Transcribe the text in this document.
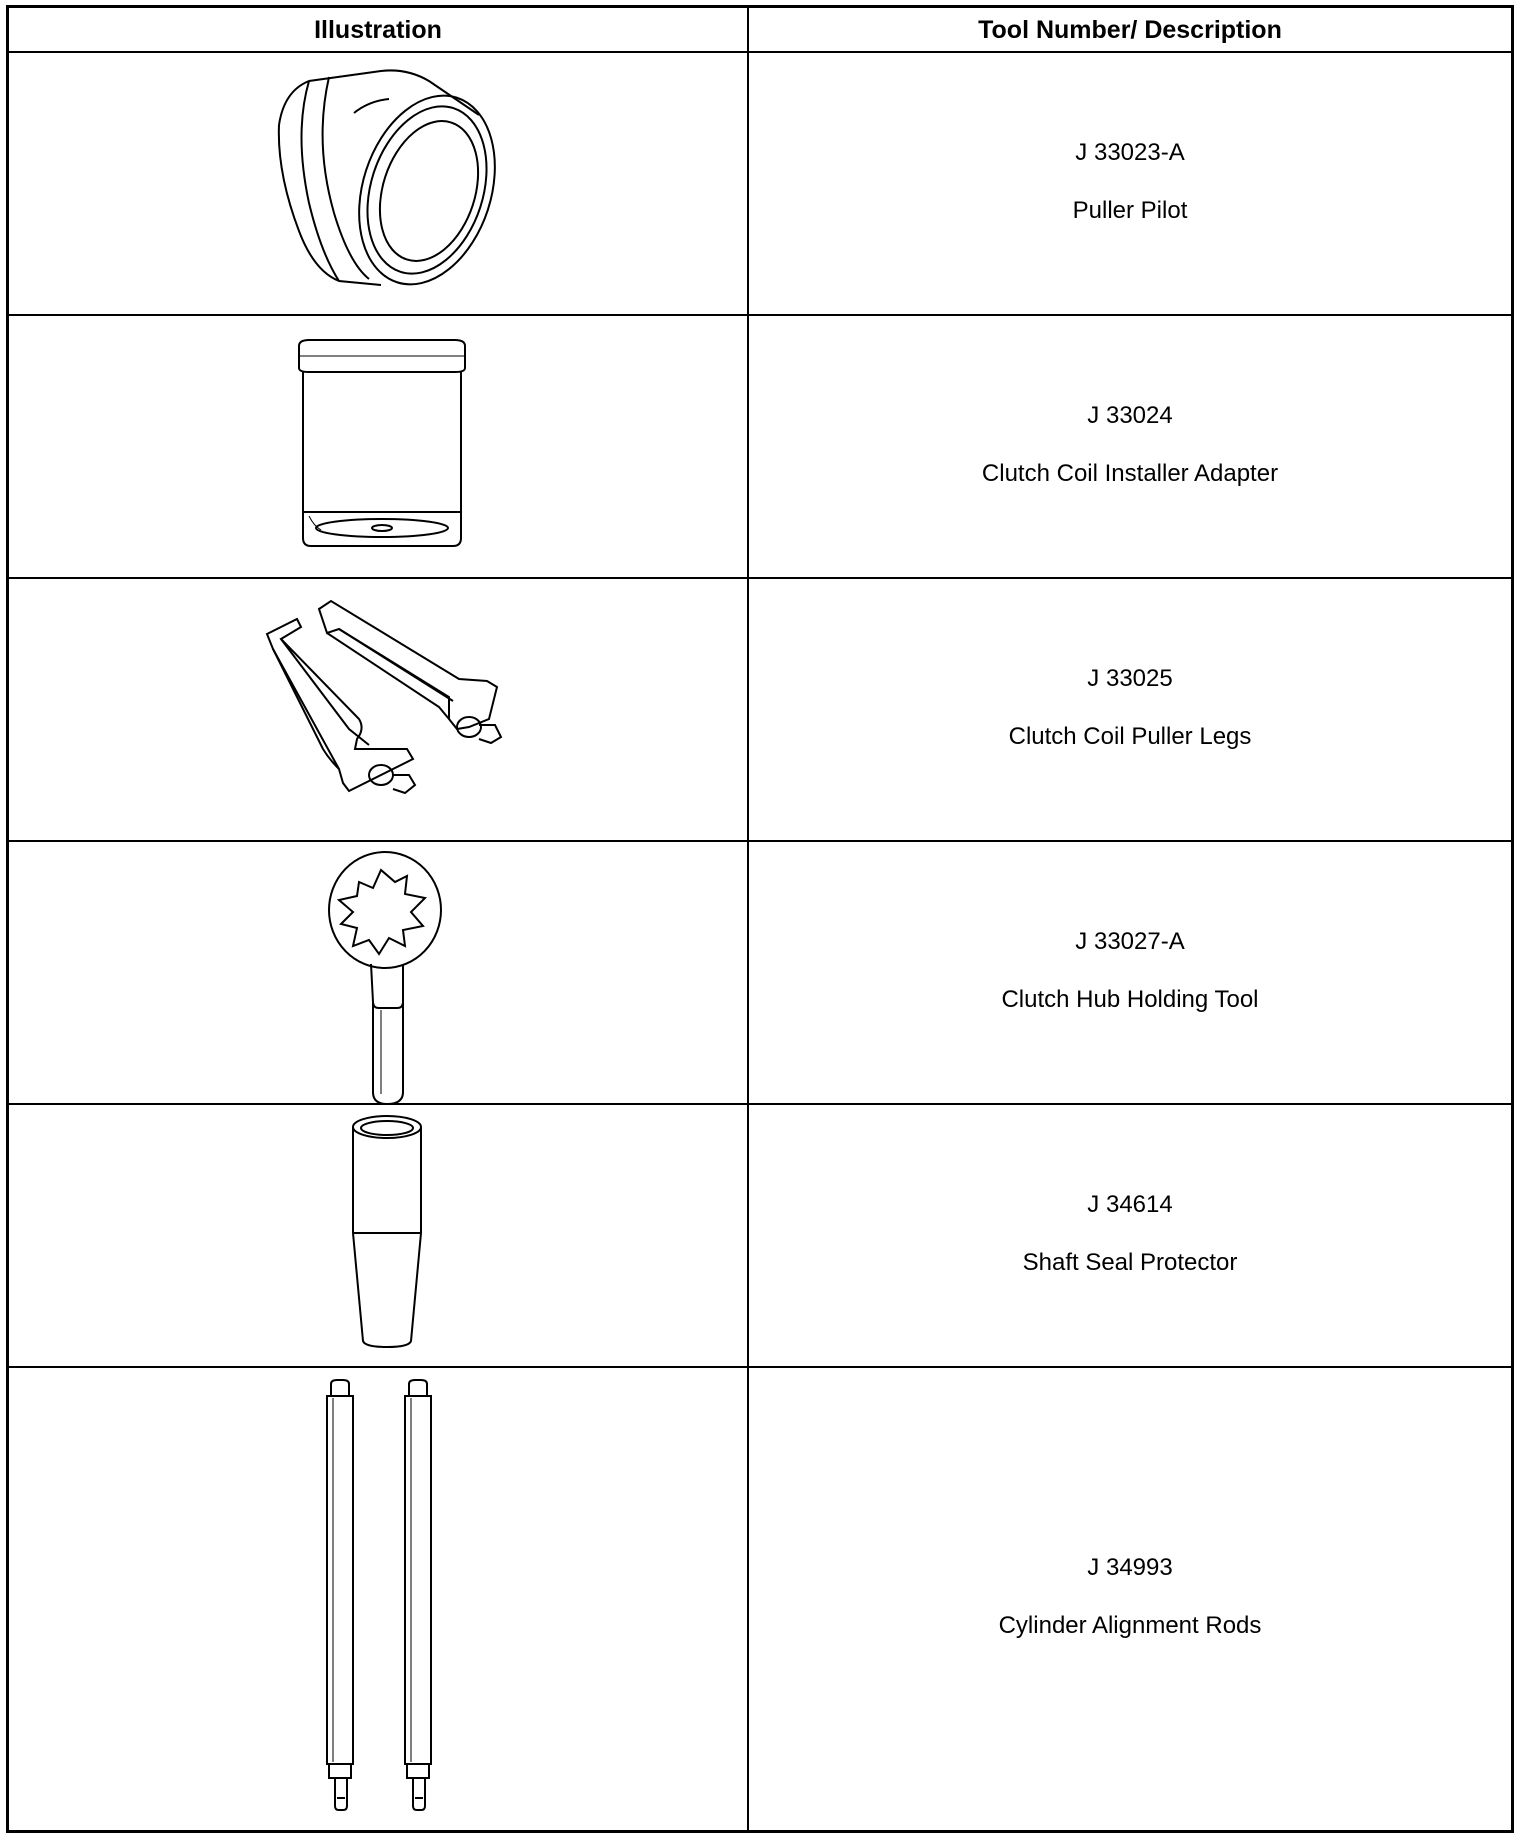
Illustration	Tool Number/ Description
J 33023-A
Puller Pilot
J 33024
Clutch Coil Installer Adapter
J 33025
Clutch Coil Puller Legs
J 33027-A
Clutch Hub Holding Tool
J 34614
Shaft Seal Protector
J 34993
Cylinder Alignment Rods
